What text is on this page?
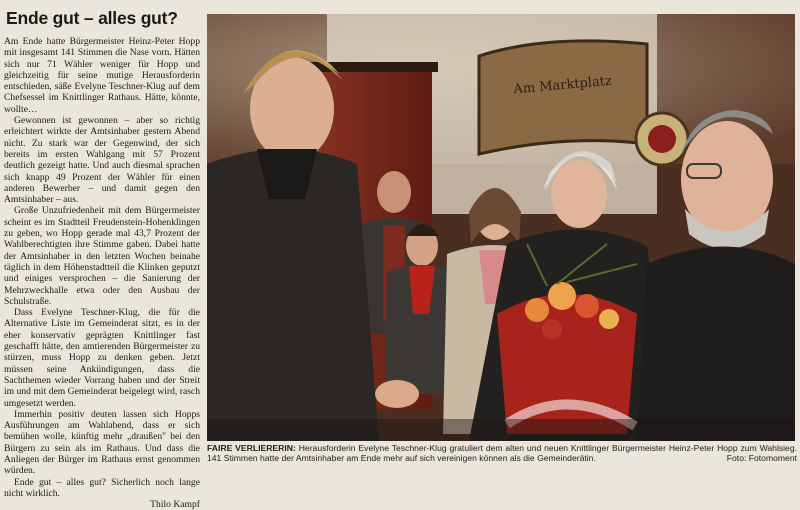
Ende gut – alles gut?

Am Ende hatte Bürgermeister Heinz-Peter Hopp mit insgesamt 141 Stimmen die Nase vorn. Hätten sich nur 71 Wähler weniger für Hopp und gleichzeitig für seine mutige Herausforderin entschieden, säße Evelyne Teschner-Klug auf dem Chefsessel im Knittlinger Rathaus. Hätte, könnte, wollte…

Gewonnen ist gewonnen – aber so richtig erleichtert wirkte der Amtsinhaber gestern Abend nicht. Zu stark war der Gegenwind, der sich bereits im ersten Wahlgang mit 57 Prozent deutlich gezeigt hatte. Und auch diesmal sprachen sich knapp 49 Prozent der Wähler für einen anderen Bewerber – und damit gegen den Amtsinhaber – aus.

Große Unzufriedenheit mit dem Bürgermeister scheint es im Stadtteil Freudenstein-Hohenklingen zu geben, wo Hopp gerade mal 43,7 Prozent der Wahlberechtigten ihre Stimme gaben. Dabei hatte der Amtsinhaber in den letzten Wochen beinahe täglich in dem Höhenstadtteil die Klinken geputzt und einiges versprochen – die Sanierung der Mehrzweckhalle etwa oder den Ausbau der Schulstraße.

Dass Evelyne Teschner-Klug, die für die Alternative Liste im Gemeinderat sitzt, es in der eher konservativ geprägten Knittlinger fast geschafft hätte, den amtierenden Bürgermeister zu stürzen, muss Hopp zu denken geben. Jetzt müssen seine Ankündigungen, dass die Sachthemen wieder Vorrang haben und der Streit im und mit dem Gemeinderat beigelegt wird, rasch umgesetzt werden.

Immerhin positiv deuten lassen sich Hopps Ausführungen am Wahlabend, dass er sich bemühen wolle, künftig mehr „draußen" bei den Bürgern zu sein als im Rathaus. Und dass die Anliegen der Bürger im Rathaus ernst genommen würden.

Ende gut – alles gut? Sicherlich noch lange nicht wirklich.

Thilo Kampf
Am Marktplatz
FAIRE VERLIERERIN: Herausforderin Evelyne Teschner-Klug gratuliert dem alten und neuen Knittlinger Bürgermeister Heinz-Peter Hopp zum Wahlsieg. 141 Stimmen hatte der Amtsinhaber am Ende mehr auf sich vereinigen können als die Gemeinderätin.	Foto: Fotomoment
